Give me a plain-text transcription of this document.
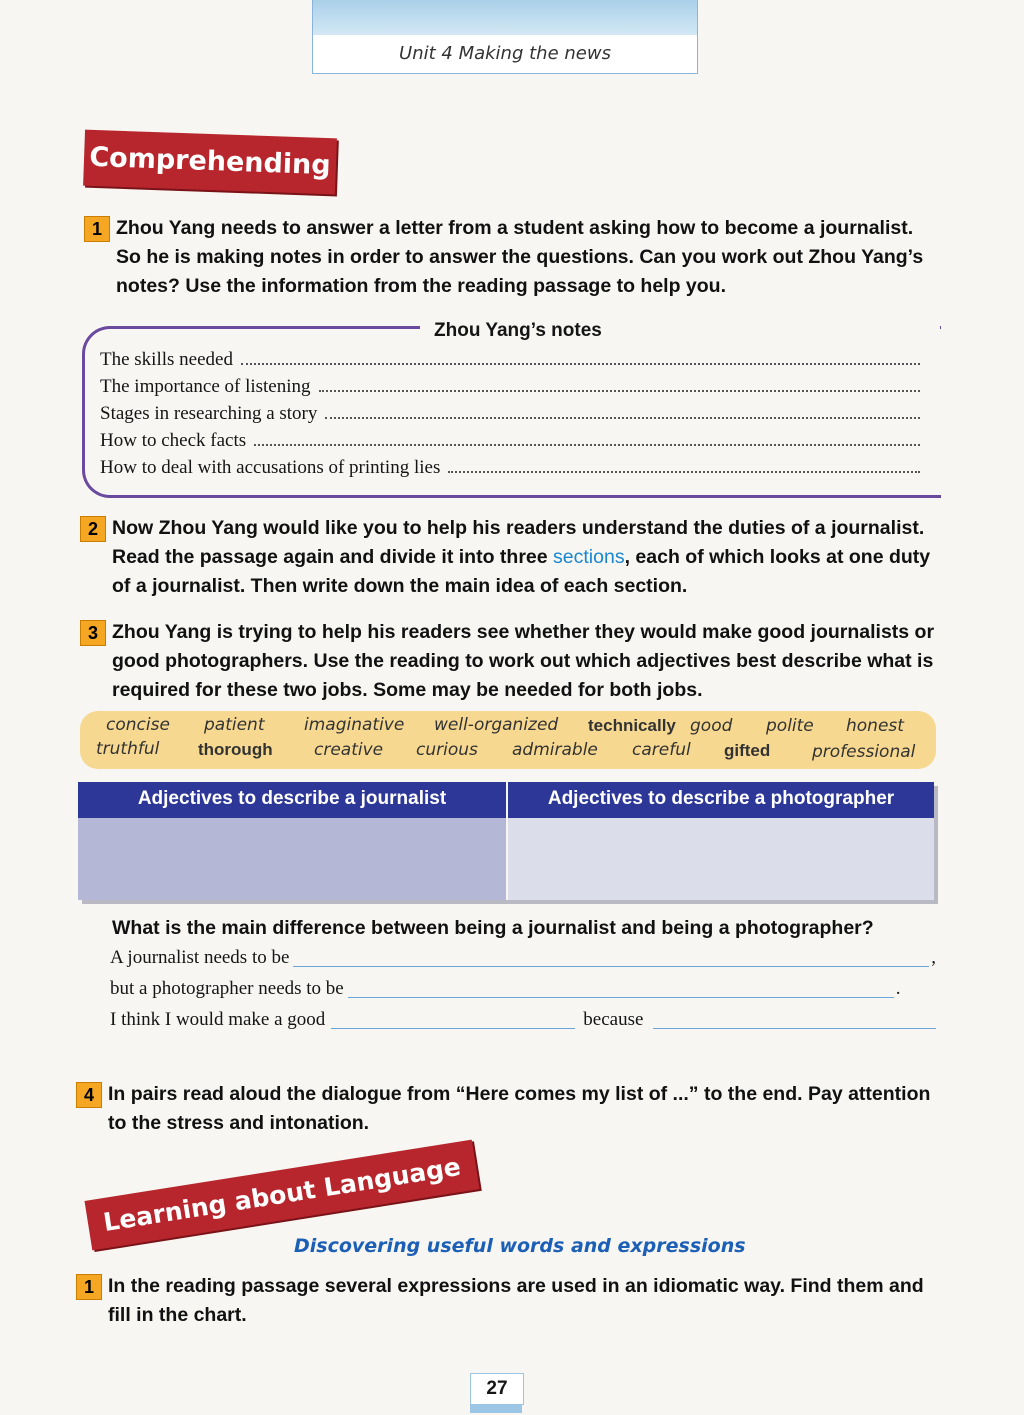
Unit 4 Making the news
Comprehending
1 Zhou Yang needs to answer a letter from a student asking how to become a journalist. So he is making notes in order to answer the questions. Can you work out Zhou Yang’s notes? Use the information from the reading passage to help you.
Zhou Yang’s notes
The skills needed
The importance of listening
Stages in researching a story
How to check facts
How to deal with accusations of printing lies
2 Now Zhou Yang would like you to help his readers understand the duties of a journalist. Read the passage again and divide it into three sections, each of which looks at one duty of a journalist. Then write down the main idea of each section.
3 Zhou Yang is trying to help his readers see whether they would make good journalists or good photographers. Use the reading to work out which adjectives best describe what is required for these two jobs. Some may be needed for both jobs.
concise patient imaginative well-organized technically good polite honest
truthful thorough creative curious admirable careful gifted professional
Adjectives to describe a journalist	Adjectives to describe a photographer
What is the main difference between being a journalist and being a photographer?
A journalist needs to be	,
but a photographer needs to be	.
I think I would make a good	because
4 In pairs read aloud the dialogue from “Here comes my list of ...” to the end. Pay attention to the stress and intonation.
Learning about Language
Discovering useful words and expressions
1 In the reading passage several expressions are used in an idiomatic way. Find them and fill in the chart.
27
